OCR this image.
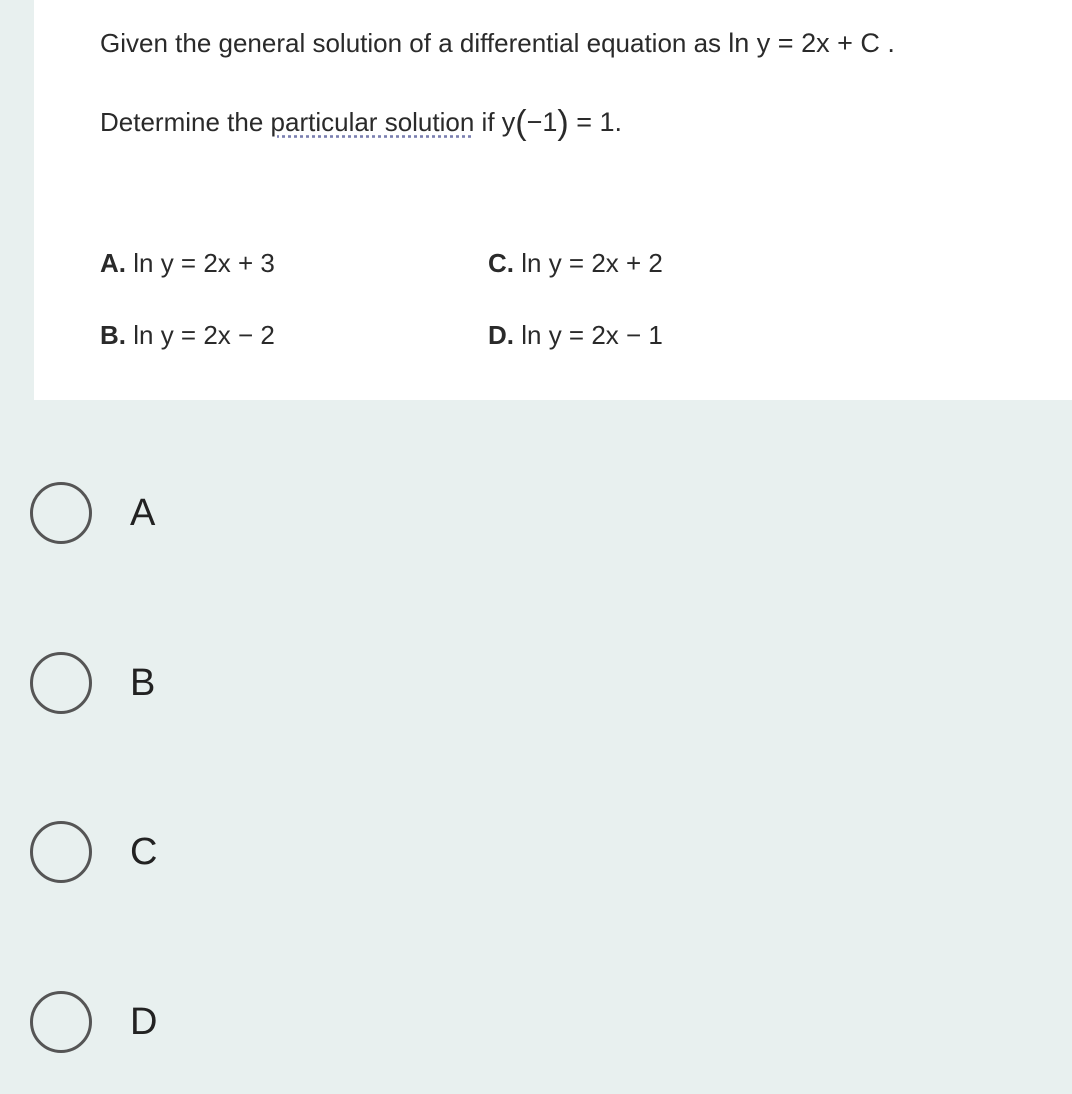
Given the general solution of a differential equation as ln y = 2x + C .
Determine the particular solution if y(−1) = 1.
A. ln y = 2x + 3
B. ln y = 2x − 2
C. ln y = 2x + 2
D. ln y = 2x − 1
A
B
C
D
